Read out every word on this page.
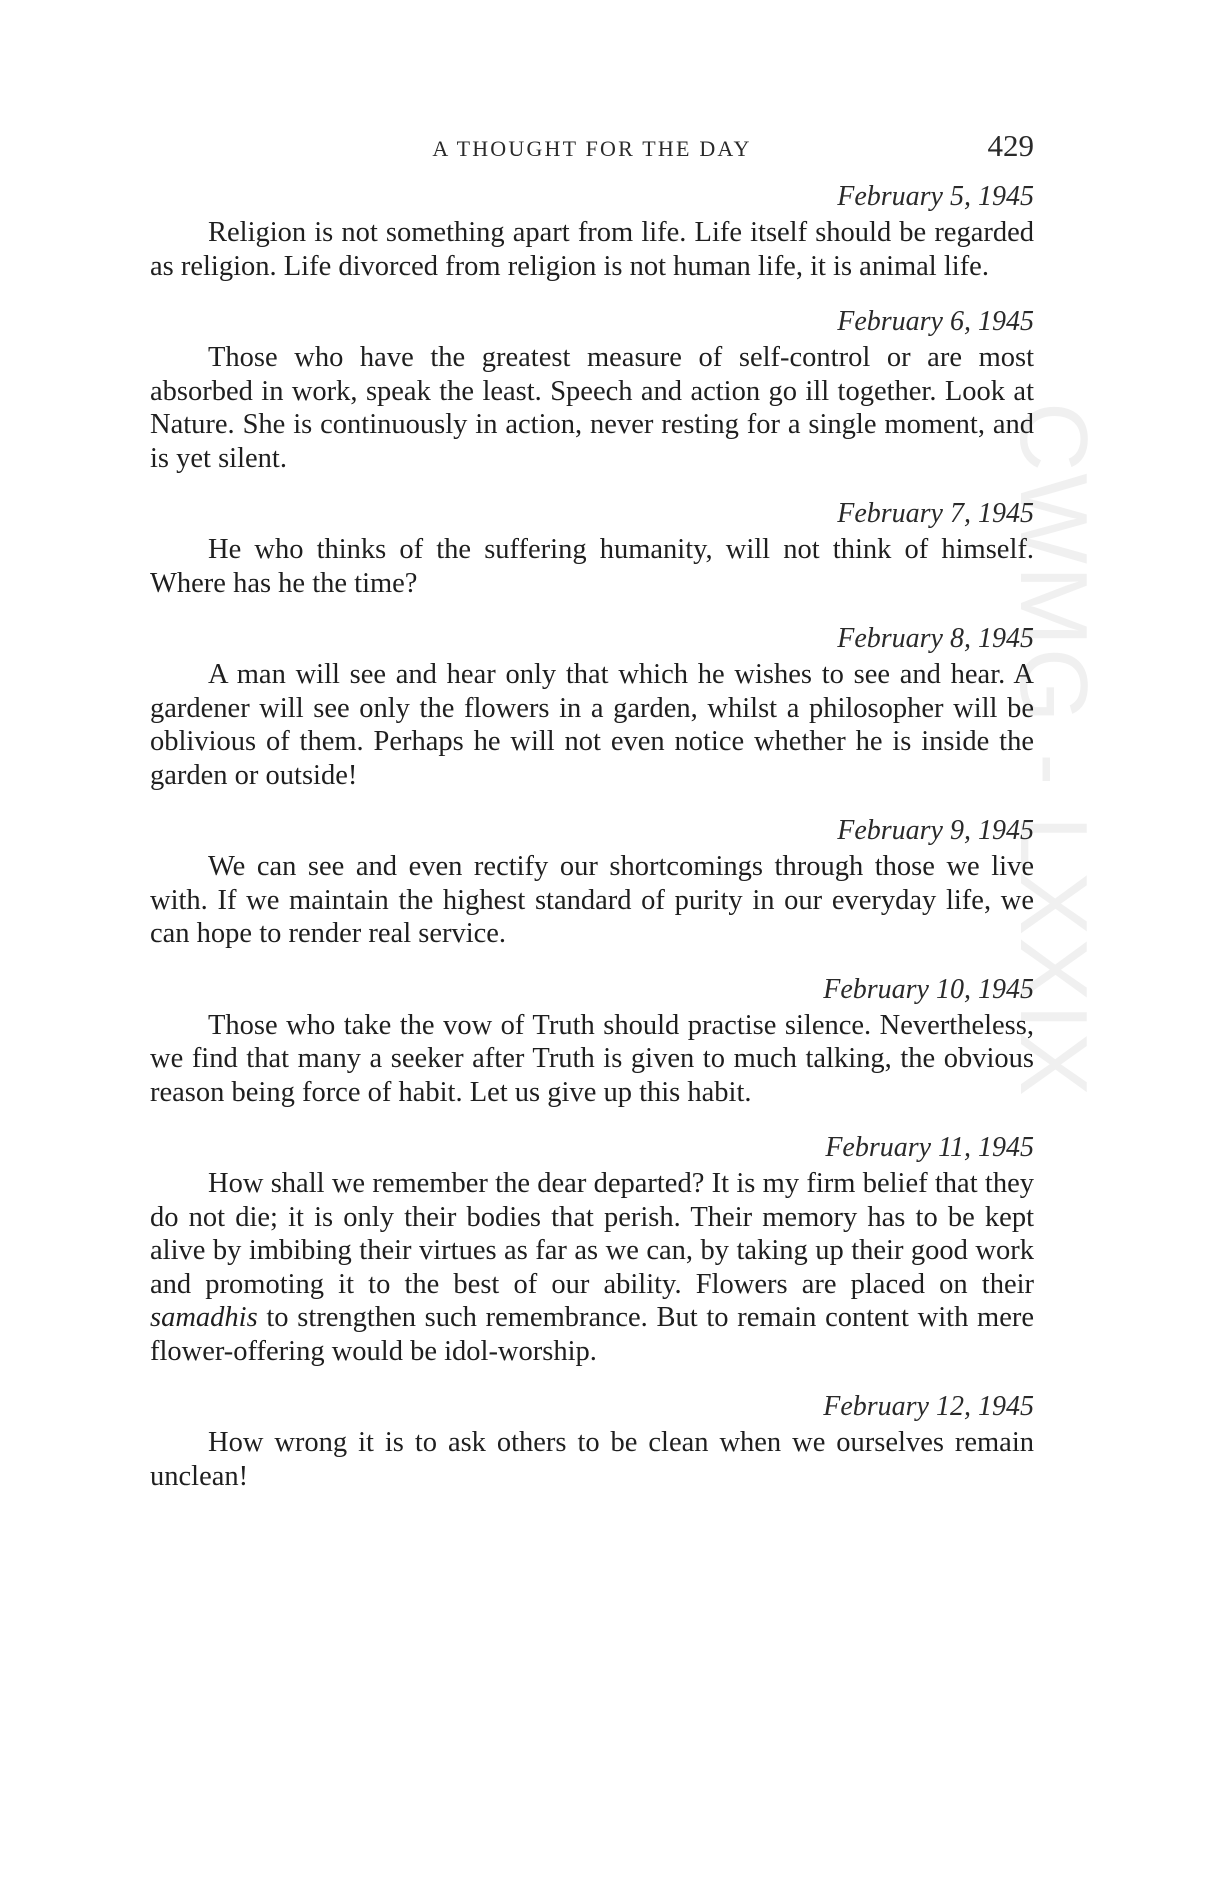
CWMG - LXXIX
A THOUGHT FOR THE DAY	429
February 5, 1945

Religion is not something apart from life. Life itself should be regarded as religion. Life divorced from religion is not human life, it is animal life.

February 6, 1945

Those who have the greatest measure of self-control or are most absorbed in work, speak the least. Speech and action go ill together. Look at Nature. She is continuously in action, never resting for a single moment, and is yet silent.

February 7, 1945

He who thinks of the suffering humanity, will not think of himself. Where has he the time?

February 8, 1945

A man will see and hear only that which he wishes to see and hear. A gardener will see only the flowers in a garden, whilst a philosopher will be oblivious of them. Perhaps he will not even notice whether he is inside the garden or outside!

February 9, 1945

We can see and even rectify our shortcomings through those we live with. If we maintain the highest standard of purity in our everyday life, we can hope to render real service.

February 10, 1945

Those who take the vow of Truth should practise silence. Nevertheless, we find that many a seeker after Truth is given to much talking, the obvious reason being force of habit. Let us give up this habit.

February 11, 1945

How shall we remember the dear departed? It is my firm belief that they do not die; it is only their bodies that perish. Their memory has to be kept alive by imbibing their virtues as far as we can, by taking up their good work and promoting it to the best of our ability. Flowers are placed on their samadhis to strengthen such remembrance. But to remain content with mere flower-offering would be idol-worship.

February 12, 1945

How wrong it is to ask others to be clean when we ourselves remain unclean!
